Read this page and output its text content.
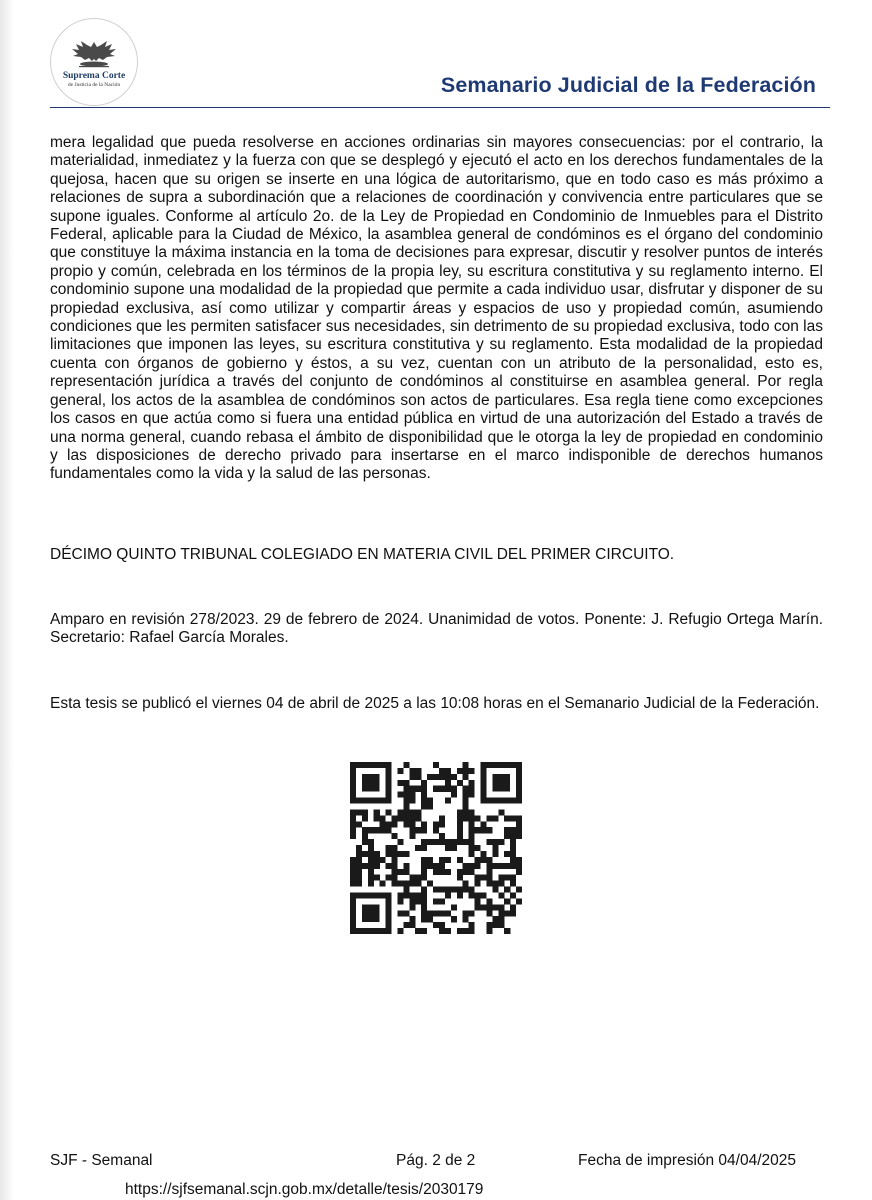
Suprema Corte
de Justicia de la Nación	Semanario Judicial de la Federación
mera legalidad que pueda resolverse en acciones ordinarias sin mayores consecuencias: por el contrario, la materialidad, inmediatez y la fuerza con que se desplegó y ejecutó el acto en los derechos fundamentales de la quejosa, hacen que su origen se inserte en una lógica de autoritarismo, que en todo caso es más próximo a relaciones de supra a subordinación que a relaciones de coordinación y convivencia entre particulares que se supone iguales. Conforme al artículo 2o. de la Ley de Propiedad en Condominio de Inmuebles para el Distrito Federal, aplicable para la Ciudad de México, la asamblea general de condóminos es el órgano del condominio que constituye la máxima instancia en la toma de decisiones para expresar, discutir y resolver puntos de interés propio y común, celebrada en los términos de la propia ley, su escritura constitutiva y su reglamento interno. El condominio supone una modalidad de la propiedad que permite a cada individuo usar, disfrutar y disponer de su propiedad exclusiva, así como utilizar y compartir áreas y espacios de uso y propiedad común, asumiendo condiciones que les permiten satisfacer sus necesidades, sin detrimento de su propiedad exclusiva, todo con las limitaciones que imponen las leyes, su escritura constitutiva y su reglamento. Esta modalidad de la propiedad cuenta con órganos de gobierno y éstos, a su vez, cuentan con un atributo de la personalidad, esto es, representación jurídica a través del conjunto de condóminos al constituirse en asamblea general. Por regla general, los actos de la asamblea de condóminos son actos de particulares. Esa regla tiene como excepciones los casos en que actúa como si fuera una entidad pública en virtud de una autorización del Estado a través de una norma general, cuando rebasa el ámbito de disponibilidad que le otorga la ley de propiedad en condominio y las disposiciones de derecho privado para insertarse en el marco indisponible de derechos humanos fundamentales como la vida y la salud de las personas.
DÉCIMO QUINTO TRIBUNAL COLEGIADO EN MATERIA CIVIL DEL PRIMER CIRCUITO.
Amparo en revisión 278/2023. 29 de febrero de 2024. Unanimidad de votos. Ponente: J. Refugio Ortega Marín. Secretario: Rafael García Morales.
Esta tesis se publicó el viernes 04 de abril de 2025 a las 10:08 horas en el Semanario Judicial de la Federación.
SJF - Semanal	Pág. 2 de 2	Fecha de impresión 04/04/2025
https://sjfsemanal.scjn.gob.mx/detalle/tesis/2030179
